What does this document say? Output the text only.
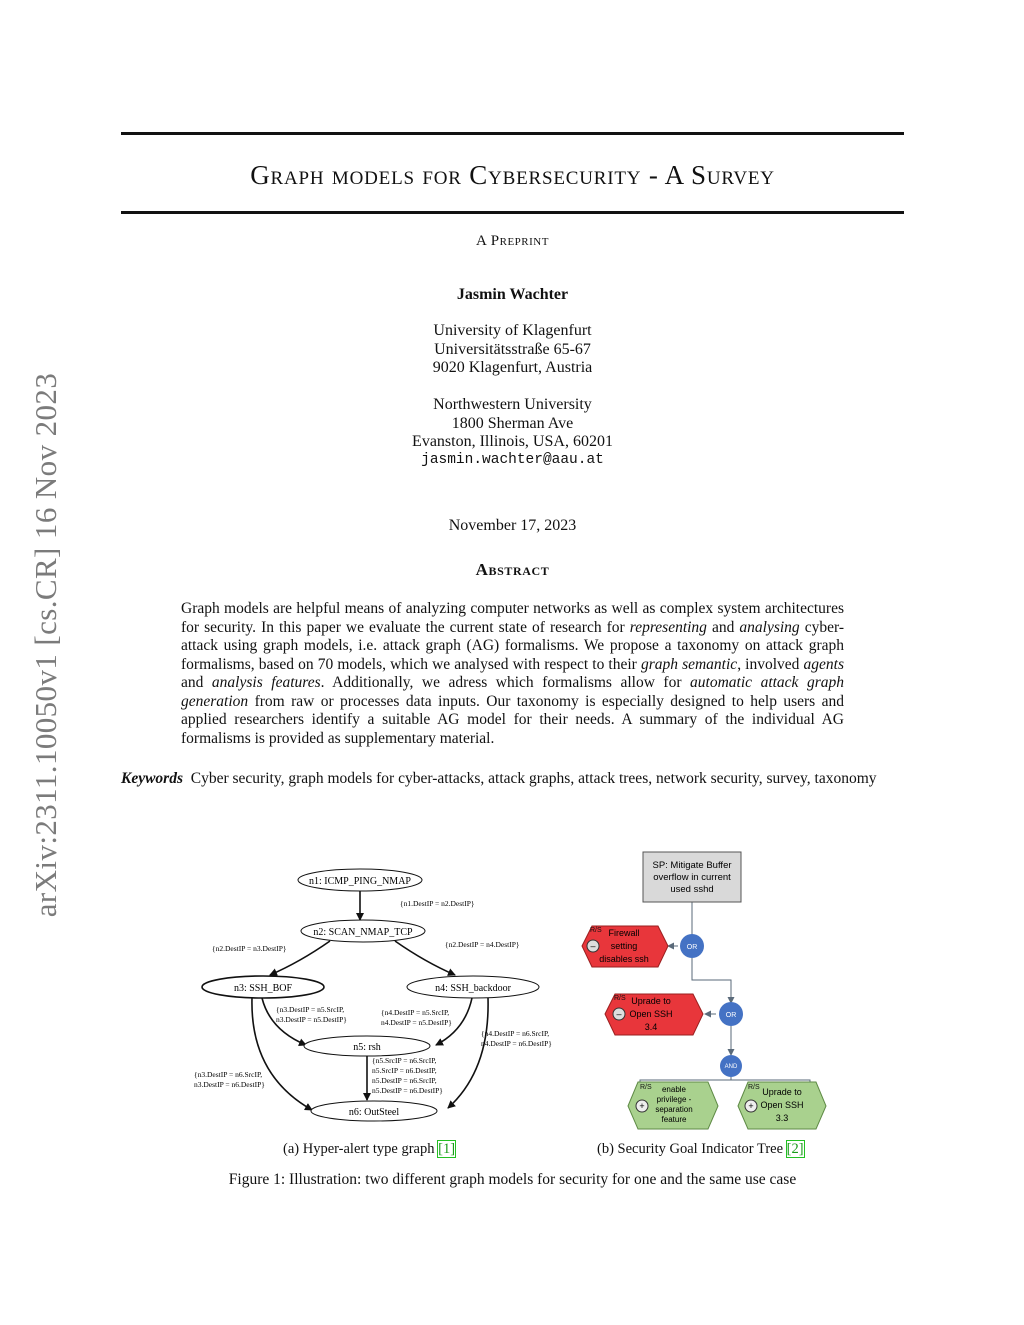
arXiv:2311.10050v1 [cs.CR] 16 Nov 2023
Graph models for Cybersecurity - A Survey
A Preprint
Jasmin Wachter
University of Klagenfurt
Universitätsstraße 65-67
9020 Klagenfurt, Austria
Northwestern University
1800 Sherman Ave
Evanston, Illinois, USA, 60201
jasmin.wachter@aau.at
November 17, 2023
Abstract

Graph models are helpful means of analyzing computer networks as well as complex system architectures for security. In this paper we evaluate the current state of research for representing and analysing cyber-attack using graph models, i.e. attack graph (AG) formalisms. We propose a taxonomy on attack graph formalisms, based on 70 models, which we analysed with respect to their graph semantic, involved agents and analysis features. Additionally, we adress which formalisms allow for automatic attack graph generation from raw or processes data inputs. Our taxonomy is especially designed to help users and applied researchers identify a suitable AG model for their needs. A summary of the individual AG formalisms is provided as supplementary material.

Keywords Cyber security, graph models for cyber-attacks, attack graphs, attack trees, network security, survey, taxonomy

n1: ICMP_PING_NMAP
n2: SCAN_NMAP_TCP
n3: SSH_BOF	n4: SSH_backdoor
n5: rsh
n6: OutSteel
{n1.DestIP = n2.DestIP}
{n2.DestIP = n3.DestIP}	{n2.DestIP = n4.DestIP}
{n3.DestIP = n5.SrcIP,
n3.DestIP = n5.DestIP}
{n4.DestIP = n5.SrcIP,
n4.DestIP = n5.DestIP}
{n4.DestIP = n6.SrcIP,
n4.DestIP = n6.DestIP}
{n5.SrcIP = n6.SrcIP,
n5.SrcIP = n6.DestIP,
n5.DestIP = n6.SrcIP,
n5.DestIP = n6.DestIP}
{n3.DestIP = n6.SrcIP,
n3.DestIP = n6.DestIP}
SP: Mitigate Buffer
overflow in current
used sshd
OR
R/S
–
Firewall
setting
disables ssh
OR
R/S
–
Uprade to
Open SSH
3.4
AND
R/S
+
enable
privilege -
separation
feature
R/S
+
Uprade to
Open SSH
3.3
(a) Hyper-alert type graph [1]	(b) Security Goal Indicator Tree [2]
Figure 1: Illustration: two different graph models for security for one and the same use case
